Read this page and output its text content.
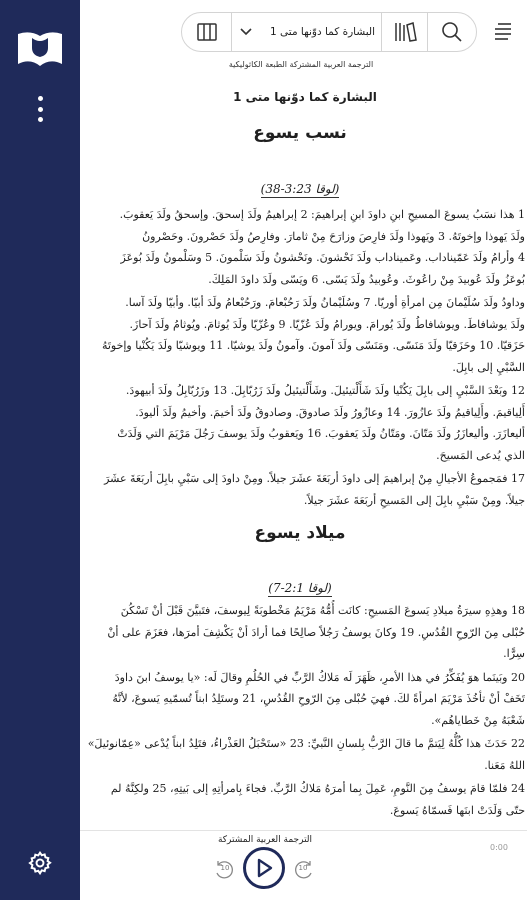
البشارة كما دوّنها متى 1
الترجمة العربية المشتركة الطبعة الكاثوليكية
البشارة كما دوّنها متى 1
نسب يسوع
(لوقا 3:23-38)

1 هذا نسَبُ يسوعَ المسيحِ ابنِ داودَ ابنِ إبراهيمَ: 2 إبراهيمُ ولَدَ إسحقَ. وإسحقُ ولَدَ يَعقوبَ.

ولَدَ يَهوذا وإخوتَهُ. 3 ويَهوذا ولَدَ فارِصَ وزارَحَ مِنْ ثامارَ. وفارِصُ ولَدَ حَصْرونَ. وحَصْرونُ

4 وأرامُ ولَدَ عَمّيناداب. وعَميناداب ولَدَ نَحْشونَ. ونَحْشونُ ولَدَ سَلْمونَ. 5 وسَلْمونُ ولَدَ بُوعَزَ

بُوعَزُ ولَدَ عُوبيدَ مِنْ راعُوثَ. وعُوبيدُ ولَدَ يَسّى. 6 ويَسّى ولَدَ داودَ المَلِكَ.

وداودُ ولَدَ سُلَيْمانَ مِن امرأةِ أوريّا. 7 وسُلَيْمانُ ولَدَ رَحُبْعامَ. ورَحُبْعامُ ولَدَ أبيّا. وأبيّا ولَدَ آسا.

ولَدَ يوشافاطَ. ويوشافاطُ ولَدَ يُورامَ. ويورامُ ولَدَ عُزّيّا. 9 وعُزّيّا ولَدَ يُوثامَ. ويُوثامُ ولَدَ آحازَ.

حَزَقيّا. 10 وحَزَقيّا ولَدَ مَنَسّى. ومَنَسّى ولَدَ آمونَ. وآمونُ ولَدَ يوشيّا. 11 ويوشيّا ولَدَ يَكُنْيا وإخوتَهُ

السَّبْيِ إلى بابِلَ.

12 وبَعْدَ السَّبْيِ إلى بابِلَ يَكُنْيا ولَدَ شَأَلْتيئيلَ. وشَأَلْتيئيلُ ولَدَ زَرُبّابِلَ. 13 وزَرُبّابِلُ ولَدَ أبيهودَ.

أَلِياقيمَ. وأَلِياقيمُ ولَدَ عازُورَ. 14 وعازُورُ ولَدَ صادوقَ. وصادوقُ ولَدَ أخيمَ. وأخيمُ ولَدَ أليودَ.

أليعازَرَ. وأليعازَرُ ولَدَ مَتّانَ. ومَتّانُ ولَدَ يَعقوبَ. 16 ويَعقوبُ ولَدَ يوسفَ رَجُلَ مَرْيَمَ التي وَلَدَتْ

الذي يُدعى المَسيحَ.

17 فمَجموعُ الأجيالِ مِنْ إبراهيمَ إلى داودَ أربَعَةَ عشَرَ جيلاً. ومِنْ داودَ إلى سَبْيِ بابِلَ أربَعَةَ عشَرَ

جيلاً. ومِنْ سَبْيِ بابِلَ إلى المَسيحِ أربَعَةَ عشَرَ جيلاً.

ميلاد يسوع
(لوقا 2:1-7)

18 وهذِهِ سيرَةُ ميلادِ يَسوعَ المَسيحِ: كانَت أُمُّهُ مَرْيَمُ مَخْطوبَةً لِيوسفَ، فتَبيَّنَ قَبْلَ أنْ تَسْكُنَ

حُبْلى مِنَ الرّوحِ القُدُسِ. 19 وكانَ يوسفُ رَجُلاً صالِحًا فما أرادَ أنْ يَكْشِفَ أمرَها، فعَزَمَ على أنْ

سِرًّا.

20 وبَينَما هوَ يُفَكِّرُ في هذا الأمرِ، ظَهَرَ لَه مَلاكُ الرَّبِّ في الحُلُمِ وقالَ لَه: «يا يوسفُ ابنَ داودَ

تَخَفْ أنْ تأخُذَ مَرْيَمَ امرأةً لكَ. فهيَ حُبْلى مِنَ الرّوحِ القُدُسِ، 21 وستَلِدُ ابناً تُسمّيهِ يَسوعَ، لأنَّهُ

شَعْبَهُ مِنْ خَطاياهُم».

22 حَدَثَ هذا كُلُّهُ لِيَتمَّ ما قالَ الرَّبُّ بِلسانِ النَّبيِّ: 23 «ستَحْبَلُ العَذْراءُ، فتَلِدُ ابناً يُدْعى «عِمّانوئيلَ»

اللهُ مَعَنا.

24 فلمّا قامَ يوسفُ مِنَ النَّومِ، عَمِلَ بِما أمرَهُ مَلاكُ الرَّبِّ. فجاءَ بِامرأتِهِ إلى بَيتِهِ، 25 ولكِنَّهُ لم

حتّى وَلَدَتْ ابنَها فَسمّاهُ يَسوعَ.

الترجمة العربية المشتركة
0:00
10	10
